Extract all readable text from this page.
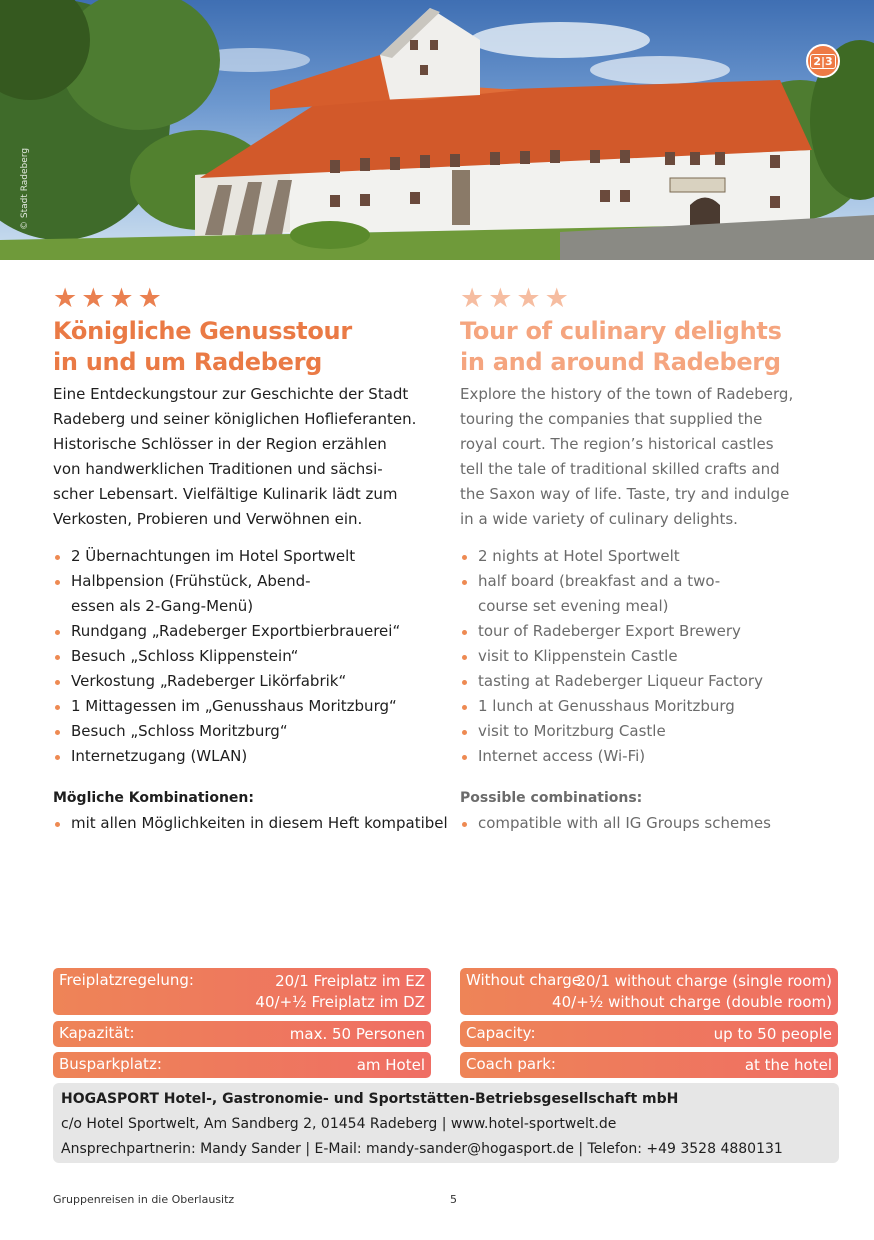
© Stadt Radeberg
2|3
★★★★
Königliche Genusstour
in und um Radeberg
Eine Entdeckungstour zur Geschichte der Stadt
Radeberg und seiner königlichen Hoflieferanten.
Historische Schlösser in der Region erzählen
von handwerklichen Traditionen und sächsi-
scher Lebensart. Vielfältige Kulinarik lädt zum
Verkosten, Probieren und Verwöhnen ein.
2 Übernachtungen im Hotel Sportwelt
Halbpension (Frühstück, Abend-
essen als 2-Gang-Menü)
Rundgang „Radeberger Exportbierbrauerei“
Besuch „Schloss Klippenstein“
Verkostung „Radeberger Likörfabrik“
1 Mittagessen im „Genusshaus Moritzburg“
Besuch „Schloss Moritzburg“
Internetzugang (WLAN)
Mögliche Kombinationen:
mit allen Möglichkeiten in diesem Heft kompatibel
★★★★
Tour of culinary delights
in and around Radeberg
Explore the history of the town of Radeberg,
touring the companies that supplied the
royal court. The region’s historical castles
tell the tale of traditional skilled crafts and
the Saxon way of life. Taste, try and indulge
in a wide variety of culinary delights.
2 nights at Hotel Sportwelt
half board (breakfast and a two-
course set evening meal)
tour of Radeberger Export Brewery
visit to Klippenstein Castle
tasting at Radeberger Liqueur Factory
1 lunch at Genusshaus Moritzburg
visit to Moritzburg Castle
Internet access (Wi-Fi)
Possible combinations:
compatible with all IG Groups schemes
Freiplatzregelung:	20/1 Freiplatz im EZ
40/+½ Freiplatz im DZ
Kapazität:	max. 50 Personen
Busparkplatz:	am Hotel
Without charge:
20/1 without charge (single room)
40/+½ without charge (double room)
Capacity:	up to 50 people
Coach park:	at the hotel
HOGASPORT Hotel-, Gastronomie- und Sportstätten-Betriebsgesellschaft mbH
c/o Hotel Sportwelt, Am Sandberg 2, 01454 Radeberg | www.hotel-sportwelt.de
Ansprechpartnerin: Mandy Sander | E-Mail: mandy-sander@hogasport.de | Telefon: +49 3528 4880131
Gruppenreisen in die Oberlausitz	5
